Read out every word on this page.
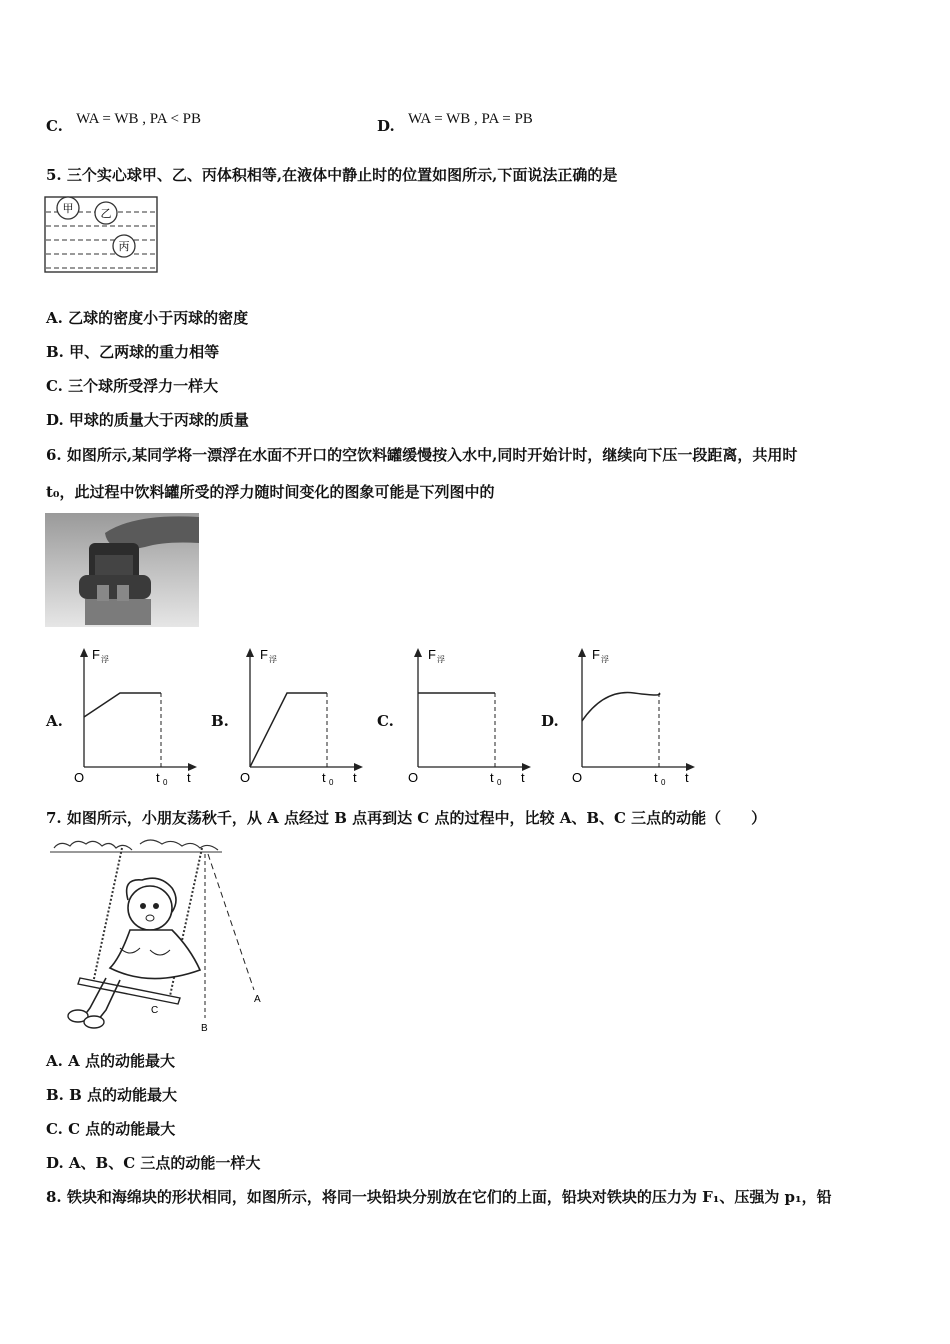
C. WA = WB , PA < PB	D. WA = WB , PA = PB
5. 三个实心球甲、乙、丙体积相等,在液体中静止时的位置如图所示,下面说法正确的是
甲 乙
丙
A. 乙球的密度小于丙球的密度
B. 甲、乙两球的重力相等
C. 三个球所受浮力一样大
D. 甲球的质量大于丙球的质量
6. 如图所示,某同学将一漂浮在水面不开口的空饮料罐缓慢按入水中,同时开始计时，继续向下压一段距离，共用时
t₀，此过程中饮料罐所受的浮力随时间变化的图象可能是下列图中的
A.	B.	C.	D.
F 浮
O	t 0 t
F 浮
O	t 0 t
F 浮
O	t 0 t
F 浮
O	t 0 t
7. 如图所示，小朋友荡秋千，从 A 点经过 B 点再到达 C 点的过程中，比较 A、B、C 三点的动能（　　）
A
B
C
A. A 点的动能最大
B. B 点的动能最大
C. C 点的动能最大
D. A、B、C 三点的动能一样大
8. 铁块和海绵块的形状相同，如图所示，将同一块铅块分别放在它们的上面，铅块对铁块的压力为 F₁、压强为 p₁，铅
